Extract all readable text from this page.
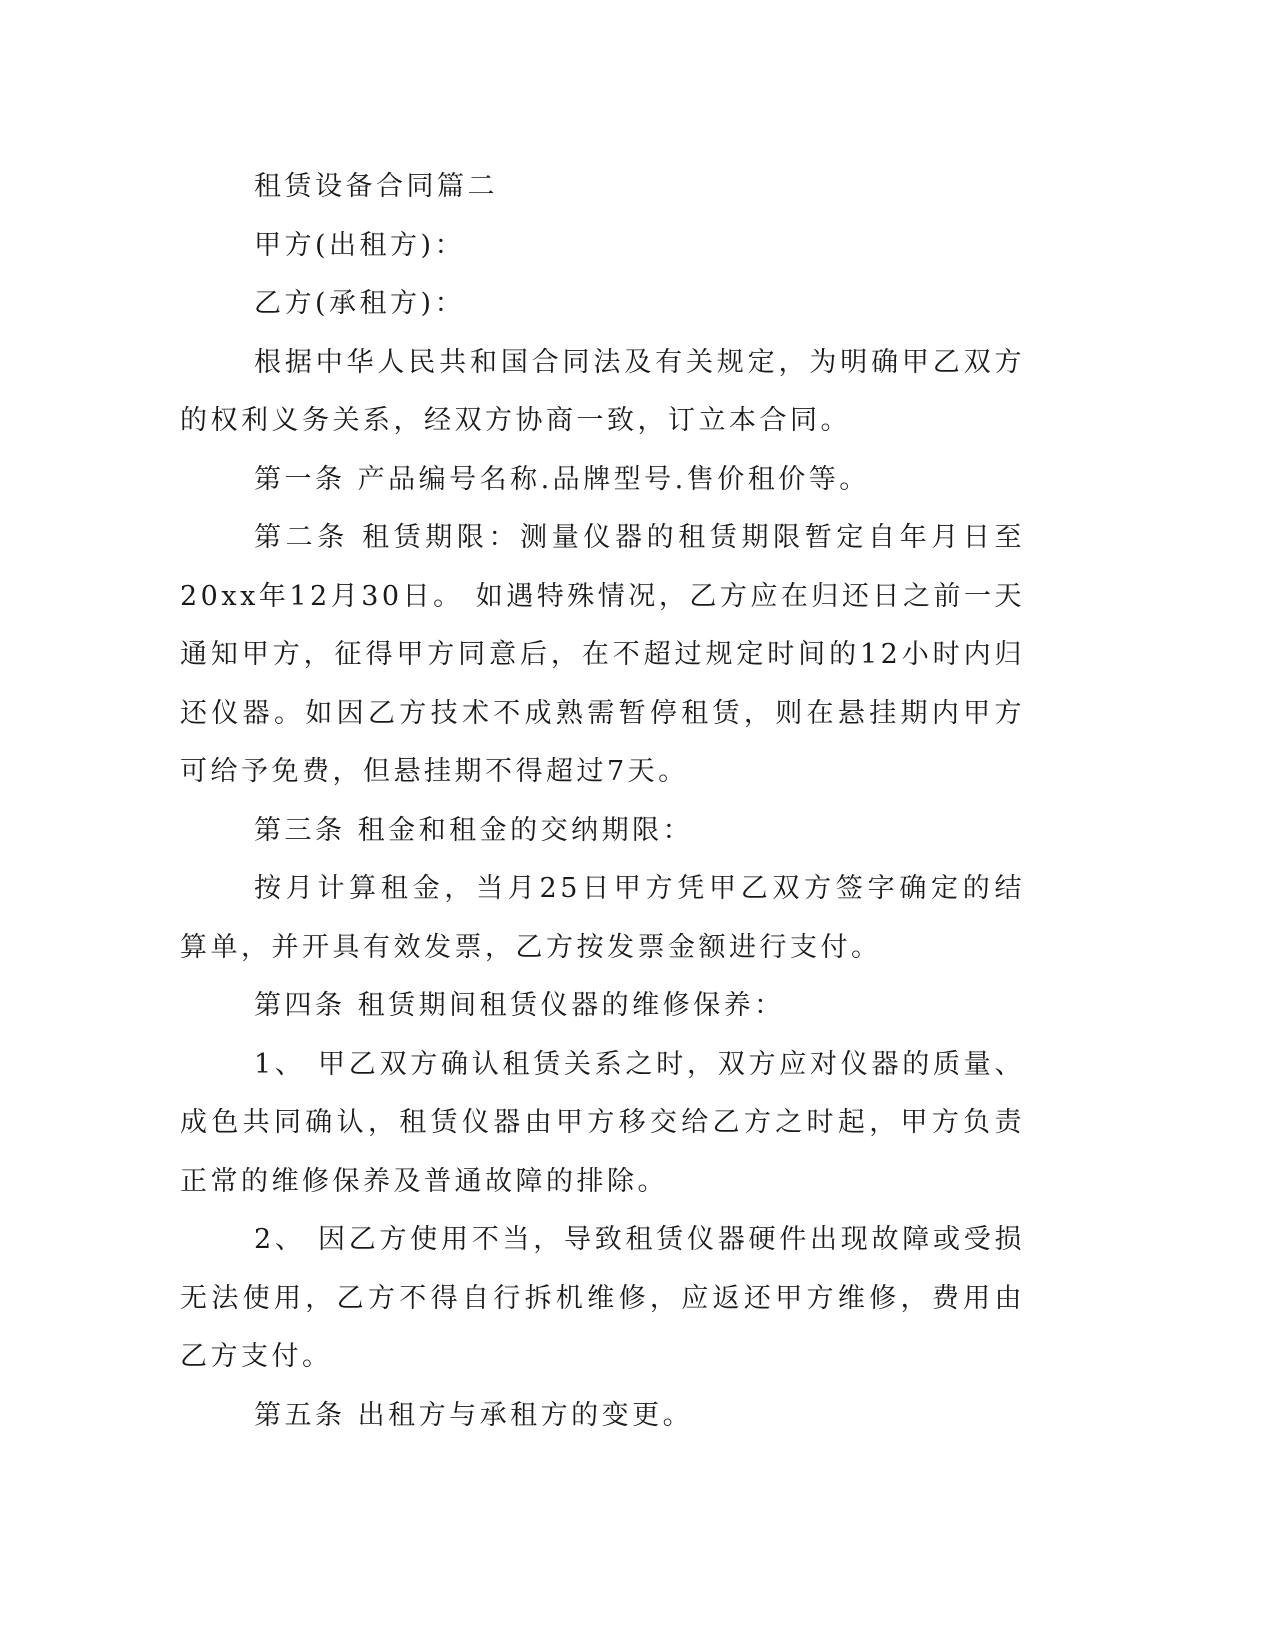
租赁设备合同篇二

甲方(出租方)：

乙方(承租方)：

根据中华人民共和国合同法及有关规定，为明确甲乙双方的权利义务关系，经双方协商一致，订立本合同。

第一条 产品编号名称.品牌型号.售价租价等。

第二条 租赁期限：测量仪器的租赁期限暂定自年月日至20xx年12月30日。 如遇特殊情况，乙方应在归还日之前一天通知甲方，征得甲方同意后，在不超过规定时间的12小时内归还仪器。如因乙方技术不成熟需暂停租赁，则在悬挂期内甲方可给予免费，但悬挂期不得超过7天。

第三条 租金和租金的交纳期限：

按月计算租金，当月25日甲方凭甲乙双方签字确定的结算单，并开具有效发票，乙方按发票金额进行支付。

第四条 租赁期间租赁仪器的维修保养：

1、 甲乙双方确认租赁关系之时，双方应对仪器的质量、成色共同确认，租赁仪器由甲方移交给乙方之时起，甲方负责正常的维修保养及普通故障的排除。

2、 因乙方使用不当，导致租赁仪器硬件出现故障或受损无法使用，乙方不得自行拆机维修，应返还甲方维修，费用由乙方支付。

第五条 出租方与承租方的变更。
